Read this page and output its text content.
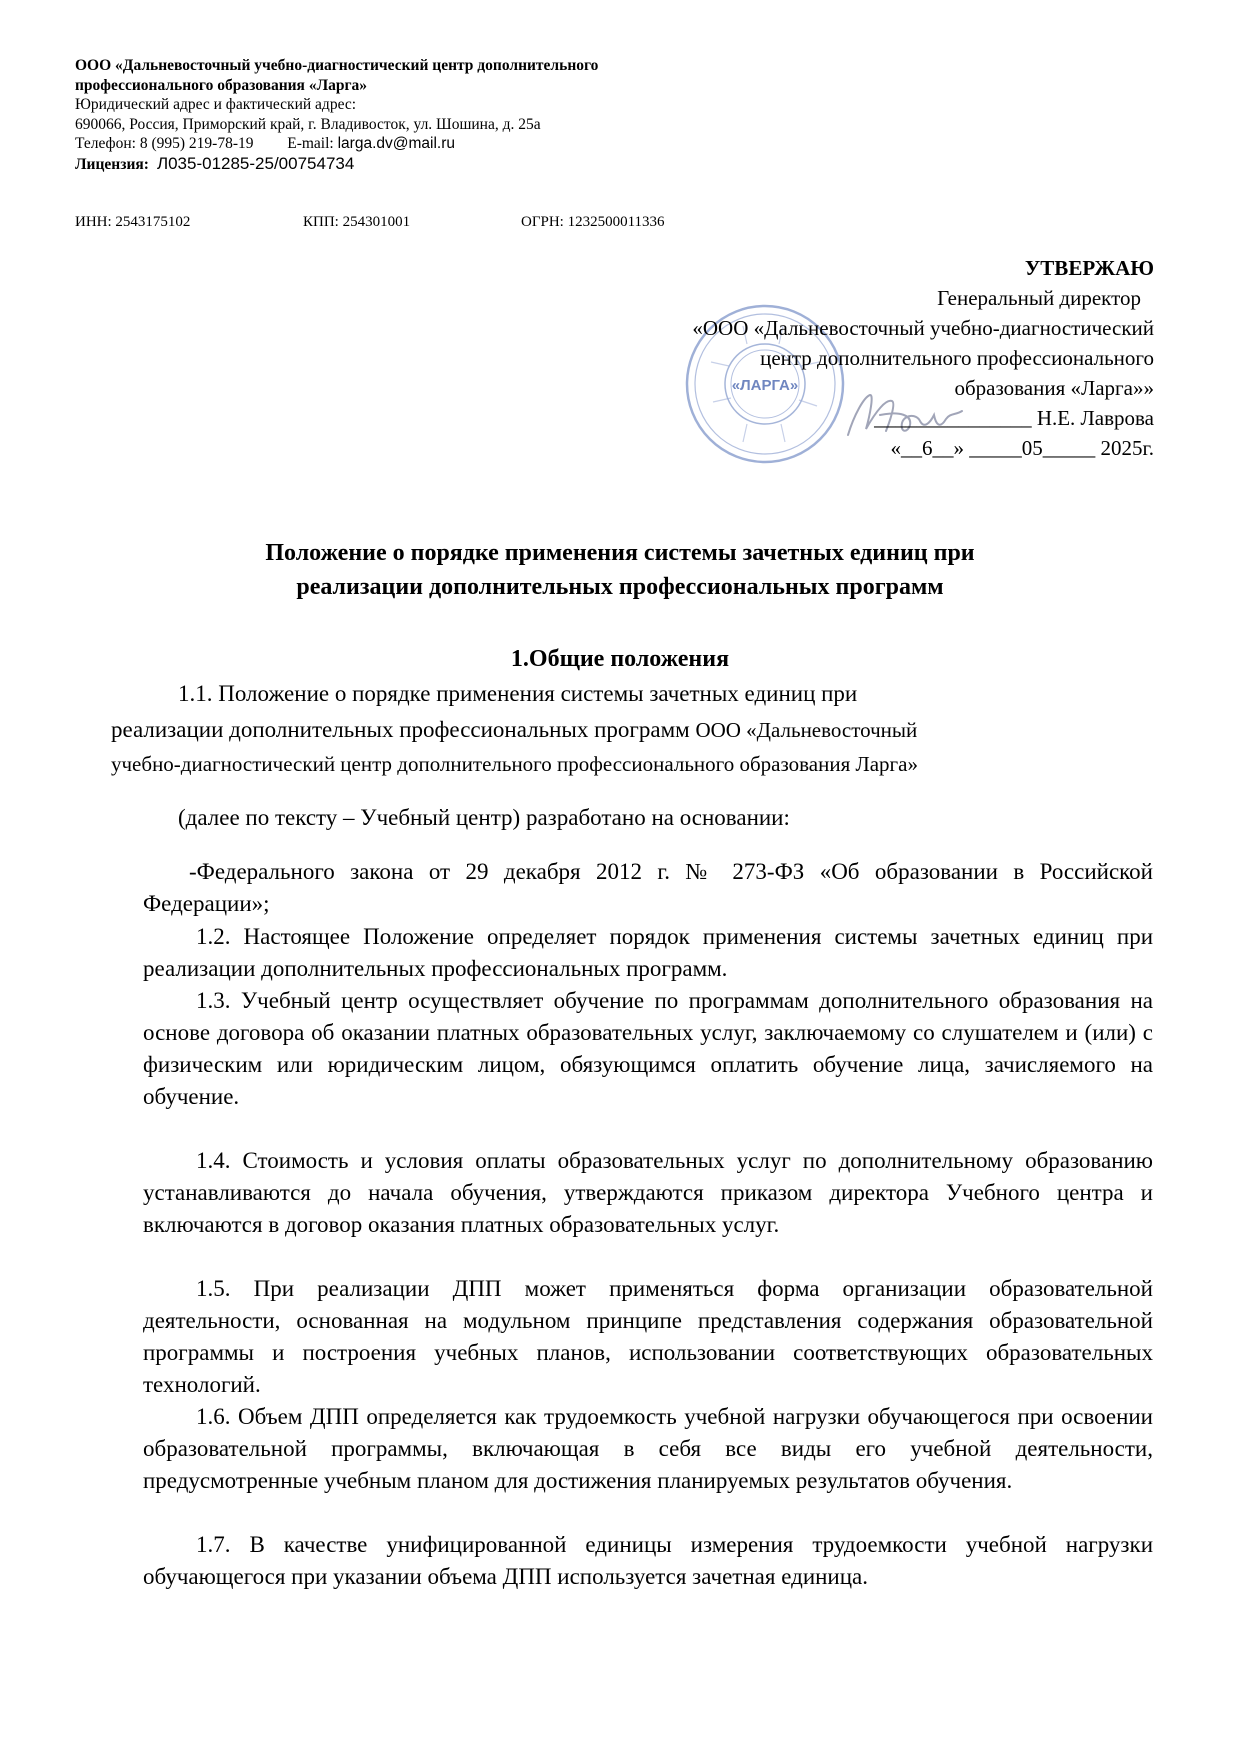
ООО «Дальневосточный учебно-диагностический центр дополнительного
профессионального образования «Ларга»
Юридический адрес и фактический адрес:
690066, Россия, Приморский край, г. Владивосток, ул. Шошина, д. 25а
Телефон: 8 (995) 219-78-19 E-mail: larga.dv@mail.ru
Лицензия: Л035-01285-25/00754734
ИНН: 2543175102	КПП: 254301001	ОГРН: 1232500011336
«ЛАРГА»
УТВЕРЖАЮ
Генеральный директор
«ООО «Дальневосточный учебно-диагностический
центр дополнительного профессионального
образования «Ларга»»
_______________ Н.Е. Лаврова
«__6__» _____05_____ 2025г.
Положение о порядке применения системы зачетных единиц при
реализации дополнительных профессиональных программ
1.Общие положения
1.1. Положение о порядке применения системы зачетных единиц при
реализации дополнительных профессиональных программ ООО «Дальневосточный
учебно-диагностический центр дополнительного профессионального образования Ларга»
(далее по тексту – Учебный центр) разработано на основании:
-Федерального закона от 29 декабря 2012 г. № 273-ФЗ «Об образовании в Российской Федерации»;
1.2. Настоящее Положение определяет порядок применения системы зачетных единиц при реализации дополнительных профессиональных программ.
1.3. Учебный центр осуществляет обучение по программам дополнительного образования на основе договора об оказании платных образовательных услуг, заключаемому со слушателем и (или) с физическим или юридическим лицом, обязующимся оплатить обучение лица, зачисляемого на обучение.
1.4. Стоимость и условия оплаты образовательных услуг по дополнительному образованию устанавливаются до начала обучения, утверждаются приказом директора Учебного центра и включаются в договор оказания платных образовательных услуг.
1.5. При реализации ДПП может применяться форма организации образовательной деятельности, основанная на модульном принципе представления содержания образовательной программы и построения учебных планов, использовании соответствующих образовательных технологий.
1.6. Объем ДПП определяется как трудоемкость учебной нагрузки обучающегося при освоении образовательной программы, включающая в себя все виды его учебной деятельности, предусмотренные учебным планом для достижения планируемых результатов обучения.
1.7. В качестве унифицированной единицы измерения трудоемкости учебной нагрузки обучающегося при указании объема ДПП используется зачетная единица.
